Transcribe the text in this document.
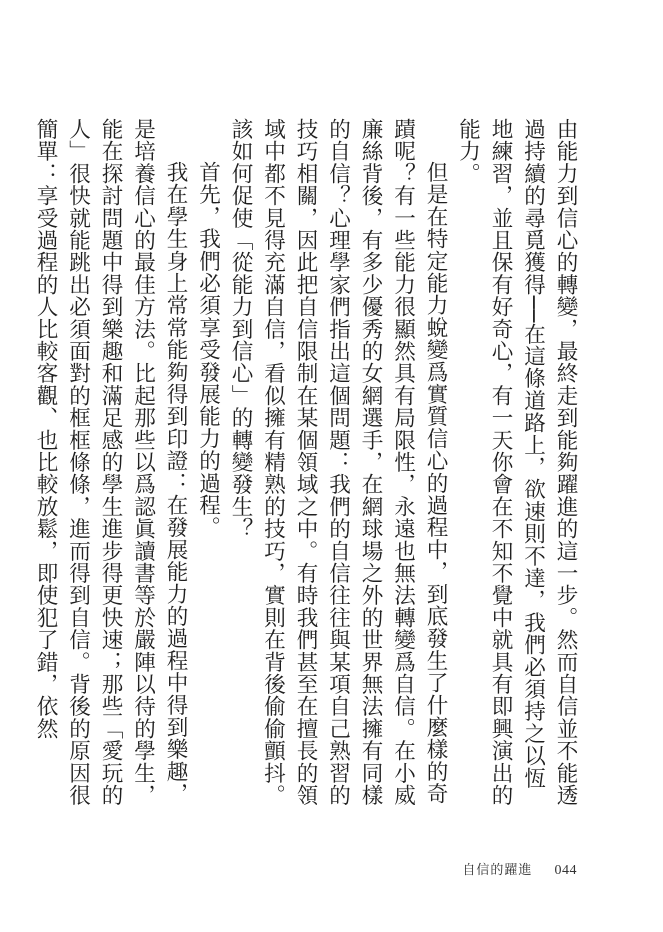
由能力到信心的轉變，最終走到能夠躍進的這一步。然而自信並不能透過持續的尋覓獲得──在這條道路上，欲速則不達，我們必須持之以恆地練習，並且保有好奇心，有一天你會在不知不覺中就具有即興演出的能力。

但是在特定能力蛻變爲實質信心的過程中，到底發生了什麼樣的奇蹟呢？有一些能力很顯然具有局限性，永遠也無法轉變爲自信。在小威廉絲背後，有多少優秀的女網選手，在網球場之外的世界無法擁有同樣的自信？心理學家們指出這個問題：我們的自信往往與某項自己熟習的技巧相關，因此把自信限制在某個領域之中。有時我們甚至在擅長的領域中都不見得充滿自信，看似擁有精熟的技巧，實則在背後偷偷顫抖。該如何促使「從能力到信心」的轉變發生？

首先，我們必須享受發展能力的過程。

我在學生身上常常能夠得到印證：在發展能力的過程中得到樂趣，是培養信心的最佳方法。比起那些以爲認眞讀書等於嚴陣以待的學生，能在探討問題中得到樂趣和滿足感的學生進步得更快速；那些「愛玩的人」很快就能跳出必須面對的框框條條，進而得到自信。背後的原因很簡單：享受過程的人比較客觀、也比較放鬆，即使犯了錯，依然

自信的躍進 044
